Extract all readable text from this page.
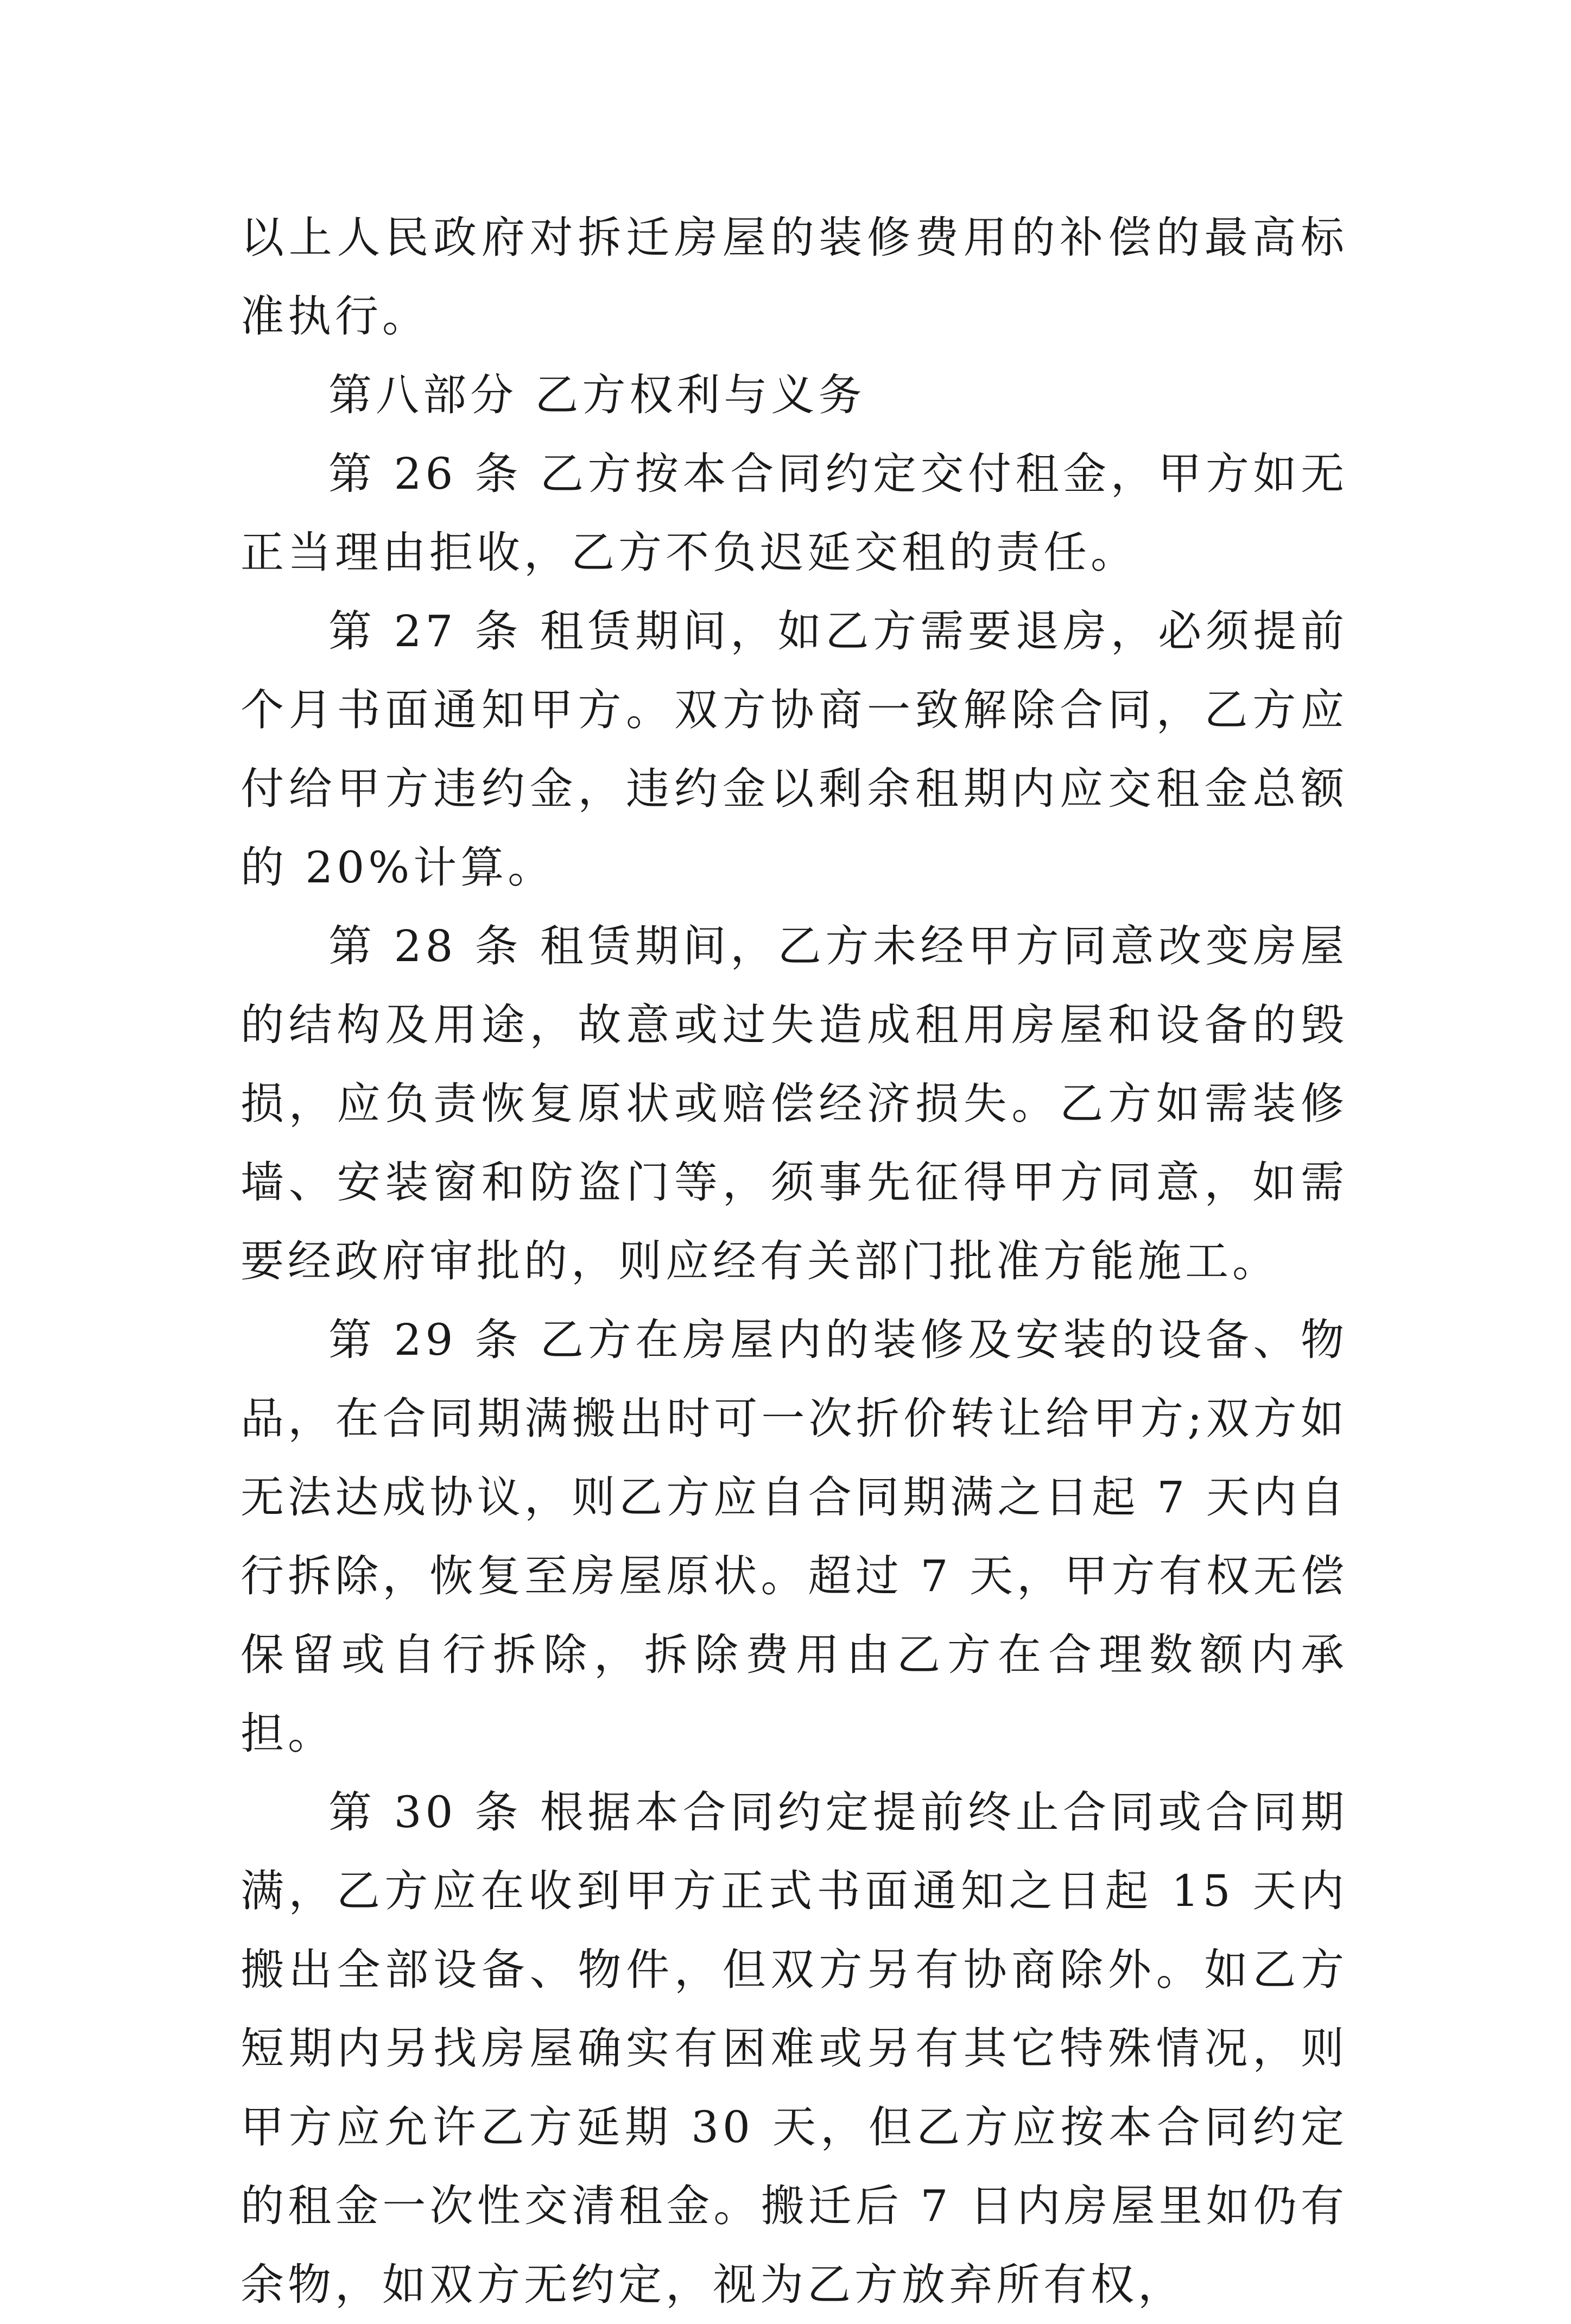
以上人民政府对拆迁房屋的装修费用的补偿的最高标准执行。

第八部分 乙方权利与义务

第 26 条 乙方按本合同约定交付租金，甲方如无正当理由拒收，乙方不负迟延交租的责任。

第 27 条 租赁期间，如乙方需要退房，必须提前 个月书面通知甲方。双方协商一致解除合同，乙方应付给甲方违约金，违约金以剩余租期内应交租金总额的 20%计算。

第 28 条 租赁期间，乙方未经甲方同意改变房屋的结构及用途，故意或过失造成租用房屋和设备的毁损，应负责恢复原状或赔偿经济损失。乙方如需装修墙、安装窗和防盗门等，须事先征得甲方同意，如需要经政府审批的，则应经有关部门批准方能施工。

第 29 条 乙方在房屋内的装修及安装的设备、物品，在合同期满搬出时可一次折价转让给甲方;双方如无法达成协议，则乙方应自合同期满之日起 7 天内自行拆除，恢复至房屋原状。超过 7 天，甲方有权无偿保留或自行拆除，拆除费用由乙方在合理数额内承担。

第 30 条 根据本合同约定提前终止合同或合同期满，乙方应在收到甲方正式书面通知之日起 15 天内搬出全部设备、物件，但双方另有协商除外。如乙方短期内另找房屋确实有困难或另有其它特殊情况，则甲方应允许乙方延期 30 天，但乙方应按本合同约定的租金一次性交清租金。搬迁后 7 日内房屋里如仍有余物，如双方无约定，视为乙方放弃所有权，
